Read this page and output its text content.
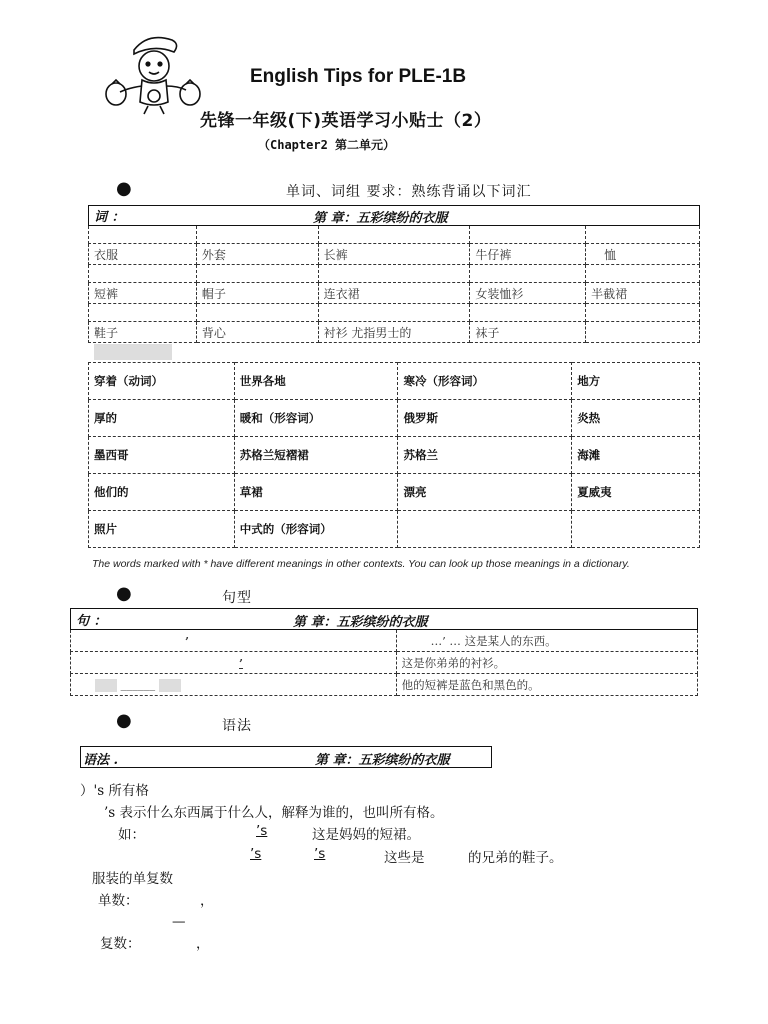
English Tips for PLE-1B
先锋一年级(下)英语学习小贴士（2）
（Chapter2 第二单元）
●	单词、词组 要求：熟练背诵以下词汇
词 ： 第 章：五彩缤纷的衣服				

衣服	外套	长裤	牛仔裤	恤

短裤	帽子	连衣裙	女装恤衫	半截裙

鞋子	背心	衬衫 尤指男士的	袜子	
穿着（动词）	世界各地	寒冷（形容词）	地方
厚的	暖和（形容词）	俄罗斯	炎热
墨西哥	苏格兰短褶裙	苏格兰	海滩
他们的	草裙	漂亮	夏威夷
照片	中式的（形容词）		
The words marked with * have different meanings in other contexts. You can look up those meanings in a dictionary.
●	句型
句 ： 第 章：五彩缤纷的衣服	

’	…’ … 这是某人的东西。
’	这是你弟弟的衬衫。
______	他的短裤是蓝色和黑色的。
●	语法
语法 .	第 章：五彩缤纷的衣服
）'s 所有格
’s 表示什么东西属于什么人，解释为谁的，也叫所有格。
如：	’s	这是妈妈的短裙。
’s	’s	这些是	的兄弟的鞋子。
服装的单复数
单数：	，
—
复数：	，
